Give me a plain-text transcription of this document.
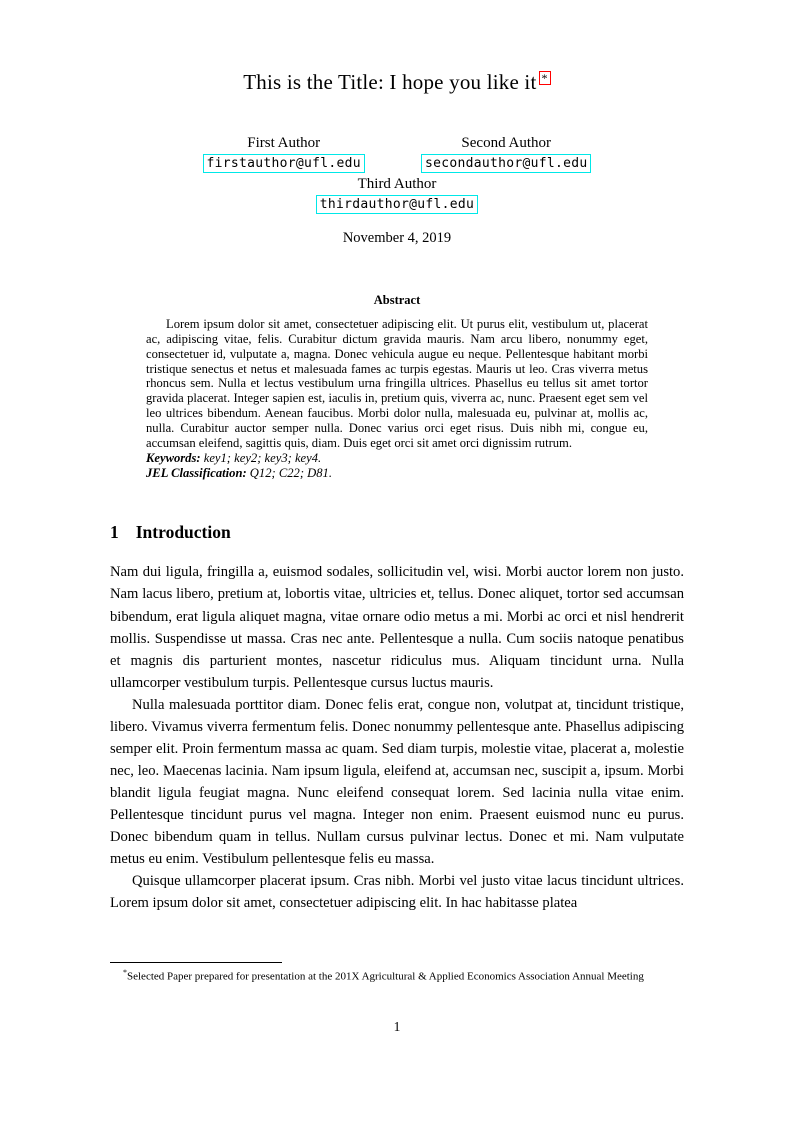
This is the Title: I hope you like it *
First Author
firstauthor@ufl.edu
Second Author
secondauthor@ufl.edu
Third Author
thirdauthor@ufl.edu
November 4, 2019
Abstract

Lorem ipsum dolor sit amet, consectetuer adipiscing elit. Ut purus elit, vestibulum ut, placerat ac, adipiscing vitae, felis. Curabitur dictum gravida mauris. Nam arcu libero, nonummy eget, consectetuer id, vulputate a, magna. Donec vehicula augue eu neque. Pellentesque habitant morbi tristique senectus et netus et malesuada fames ac turpis egestas. Mauris ut leo. Cras viverra metus rhoncus sem. Nulla et lectus vestibulum urna fringilla ultrices. Phasellus eu tellus sit amet tortor gravida placerat. Integer sapien est, iaculis in, pretium quis, viverra ac, nunc. Praesent eget sem vel leo ultrices bibendum. Aenean faucibus. Morbi dolor nulla, malesuada eu, pulvinar at, mollis ac, nulla. Curabitur auctor semper nulla. Donec varius orci eget risus. Duis nibh mi, congue eu, accumsan eleifend, sagittis quis, diam. Duis eget orci sit amet orci dignissim rutrum.

Keywords: key1; key2; key3; key4.

JEL Classification: Q12; C22; D81.

1 Introduction

Nam dui ligula, fringilla a, euismod sodales, sollicitudin vel, wisi. Morbi auctor lorem non justo. Nam lacus libero, pretium at, lobortis vitae, ultricies et, tellus. Donec aliquet, tortor sed accumsan bibendum, erat ligula aliquet magna, vitae ornare odio metus a mi. Morbi ac orci et nisl hendrerit mollis. Suspendisse ut massa. Cras nec ante. Pellentesque a nulla. Cum sociis natoque penatibus et magnis dis parturient montes, nascetur ridiculus mus. Aliquam tincidunt urna. Nulla ullamcorper vestibulum turpis. Pellentesque cursus luctus mauris.

Nulla malesuada porttitor diam. Donec felis erat, congue non, volutpat at, tincidunt tristique, libero. Vivamus viverra fermentum felis. Donec nonummy pellentesque ante. Phasellus adipiscing semper elit. Proin fermentum massa ac quam. Sed diam turpis, molestie vitae, placerat a, molestie nec, leo. Maecenas lacinia. Nam ipsum ligula, eleifend at, accumsan nec, suscipit a, ipsum. Morbi blandit ligula feugiat magna. Nunc eleifend consequat lorem. Sed lacinia nulla vitae enim. Pellentesque tincidunt purus vel magna. Integer non enim. Praesent euismod nunc eu purus. Donec bibendum quam in tellus. Nullam cursus pulvinar lectus. Donec et mi. Nam vulputate metus eu enim. Vestibulum pellentesque felis eu massa.

Quisque ullamcorper placerat ipsum. Cras nibh. Morbi vel justo vitae lacus tincidunt ultrices. Lorem ipsum dolor sit amet, consectetuer adipiscing elit. In hac habitasse platea

*Selected Paper prepared for presentation at the 201X Agricultural & Applied Economics Association Annual Meeting

1
